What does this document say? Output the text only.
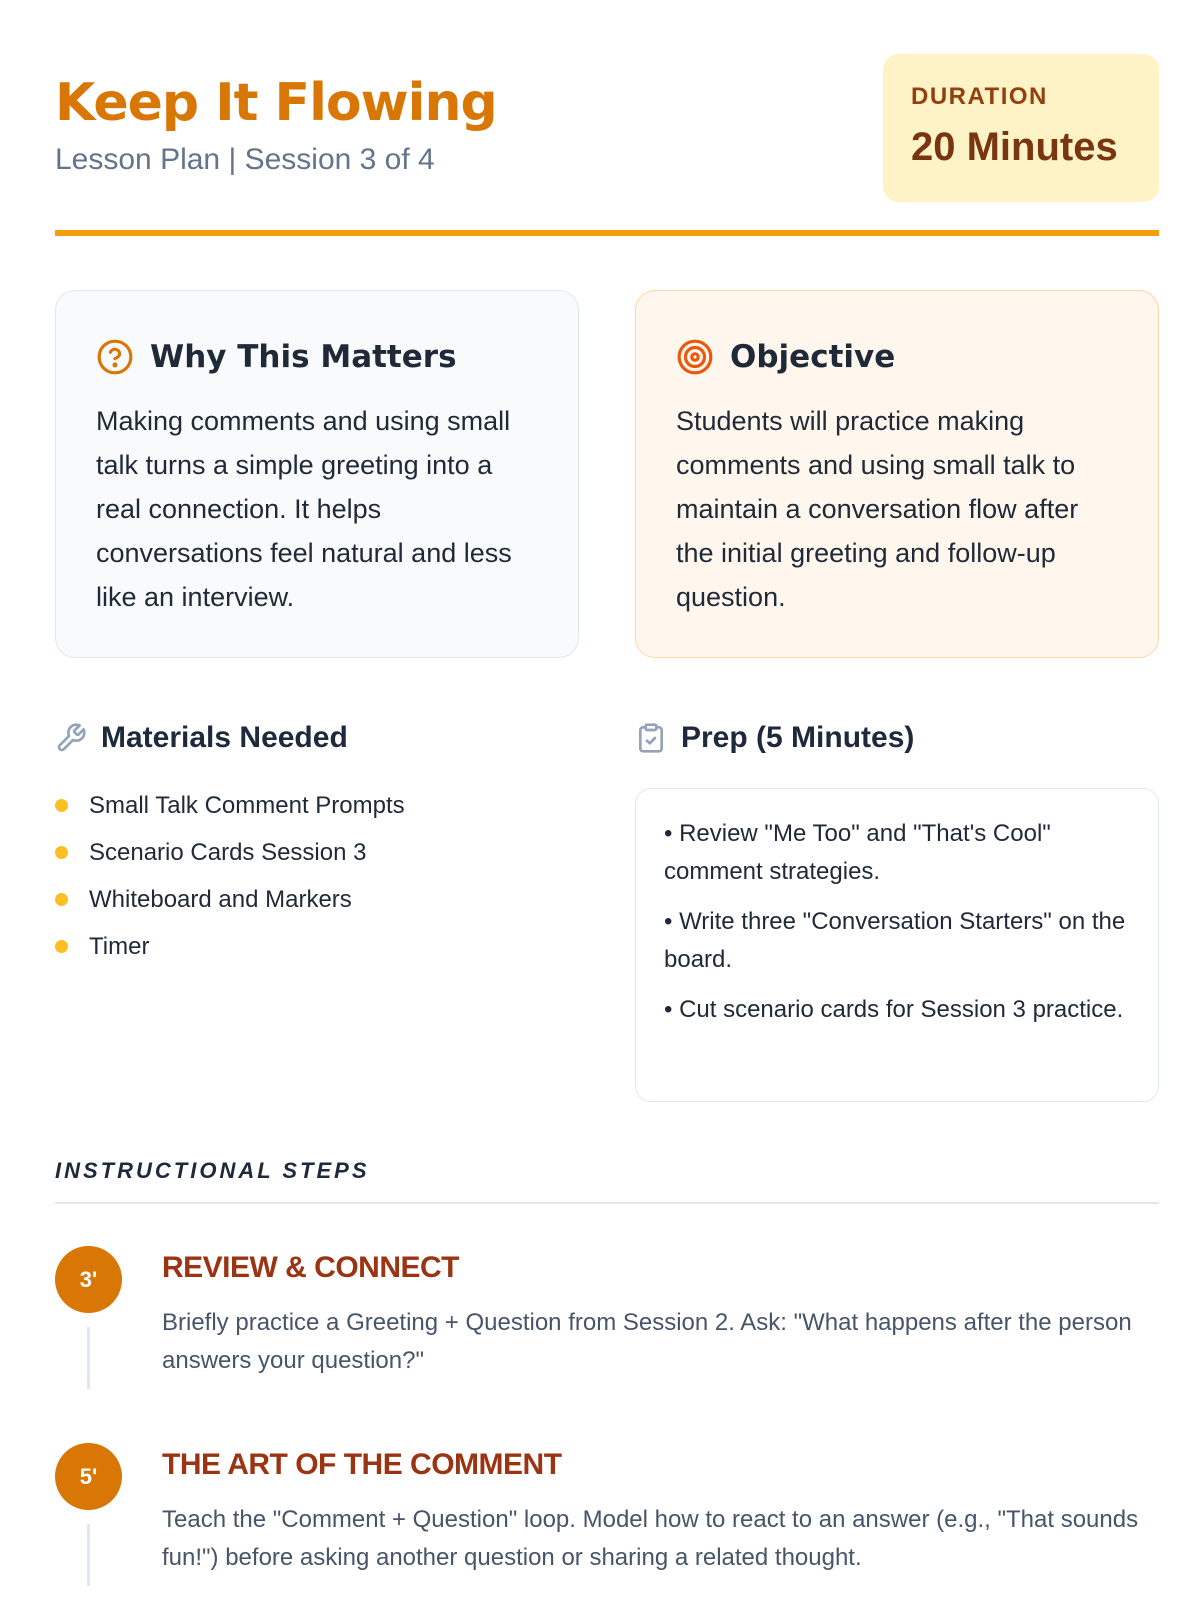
Keep It Flowing
Lesson Plan | Session 3 of 4
DURATION
20 Minutes
Why This Matters

Making comments and using small talk turns a simple greeting into a real connection. It helps conversations feel natural and less like an interview.

Objective

Students will practice making comments and using small talk to maintain a conversation flow after the initial greeting and follow-up question.

Materials Needed
Small Talk Comment Prompts
Scenario Cards Session 3
Whiteboard and Markers
Timer
Prep (5 Minutes)

• Review "Me Too" and "That's Cool" comment strategies.

• Write three "Conversation Starters" on the board.

• Cut scenario cards for Session 3 practice.

INSTRUCTIONAL STEPS
3'	REVIEW & CONNECT

Briefly practice a Greeting + Question from Session 2. Ask: "What happens after the person answers your question?"

5'	THE ART OF THE COMMENT

Teach the "Comment + Question" loop. Model how to react to an answer (e.g., "That sounds fun!") before asking another question or sharing a related thought.
